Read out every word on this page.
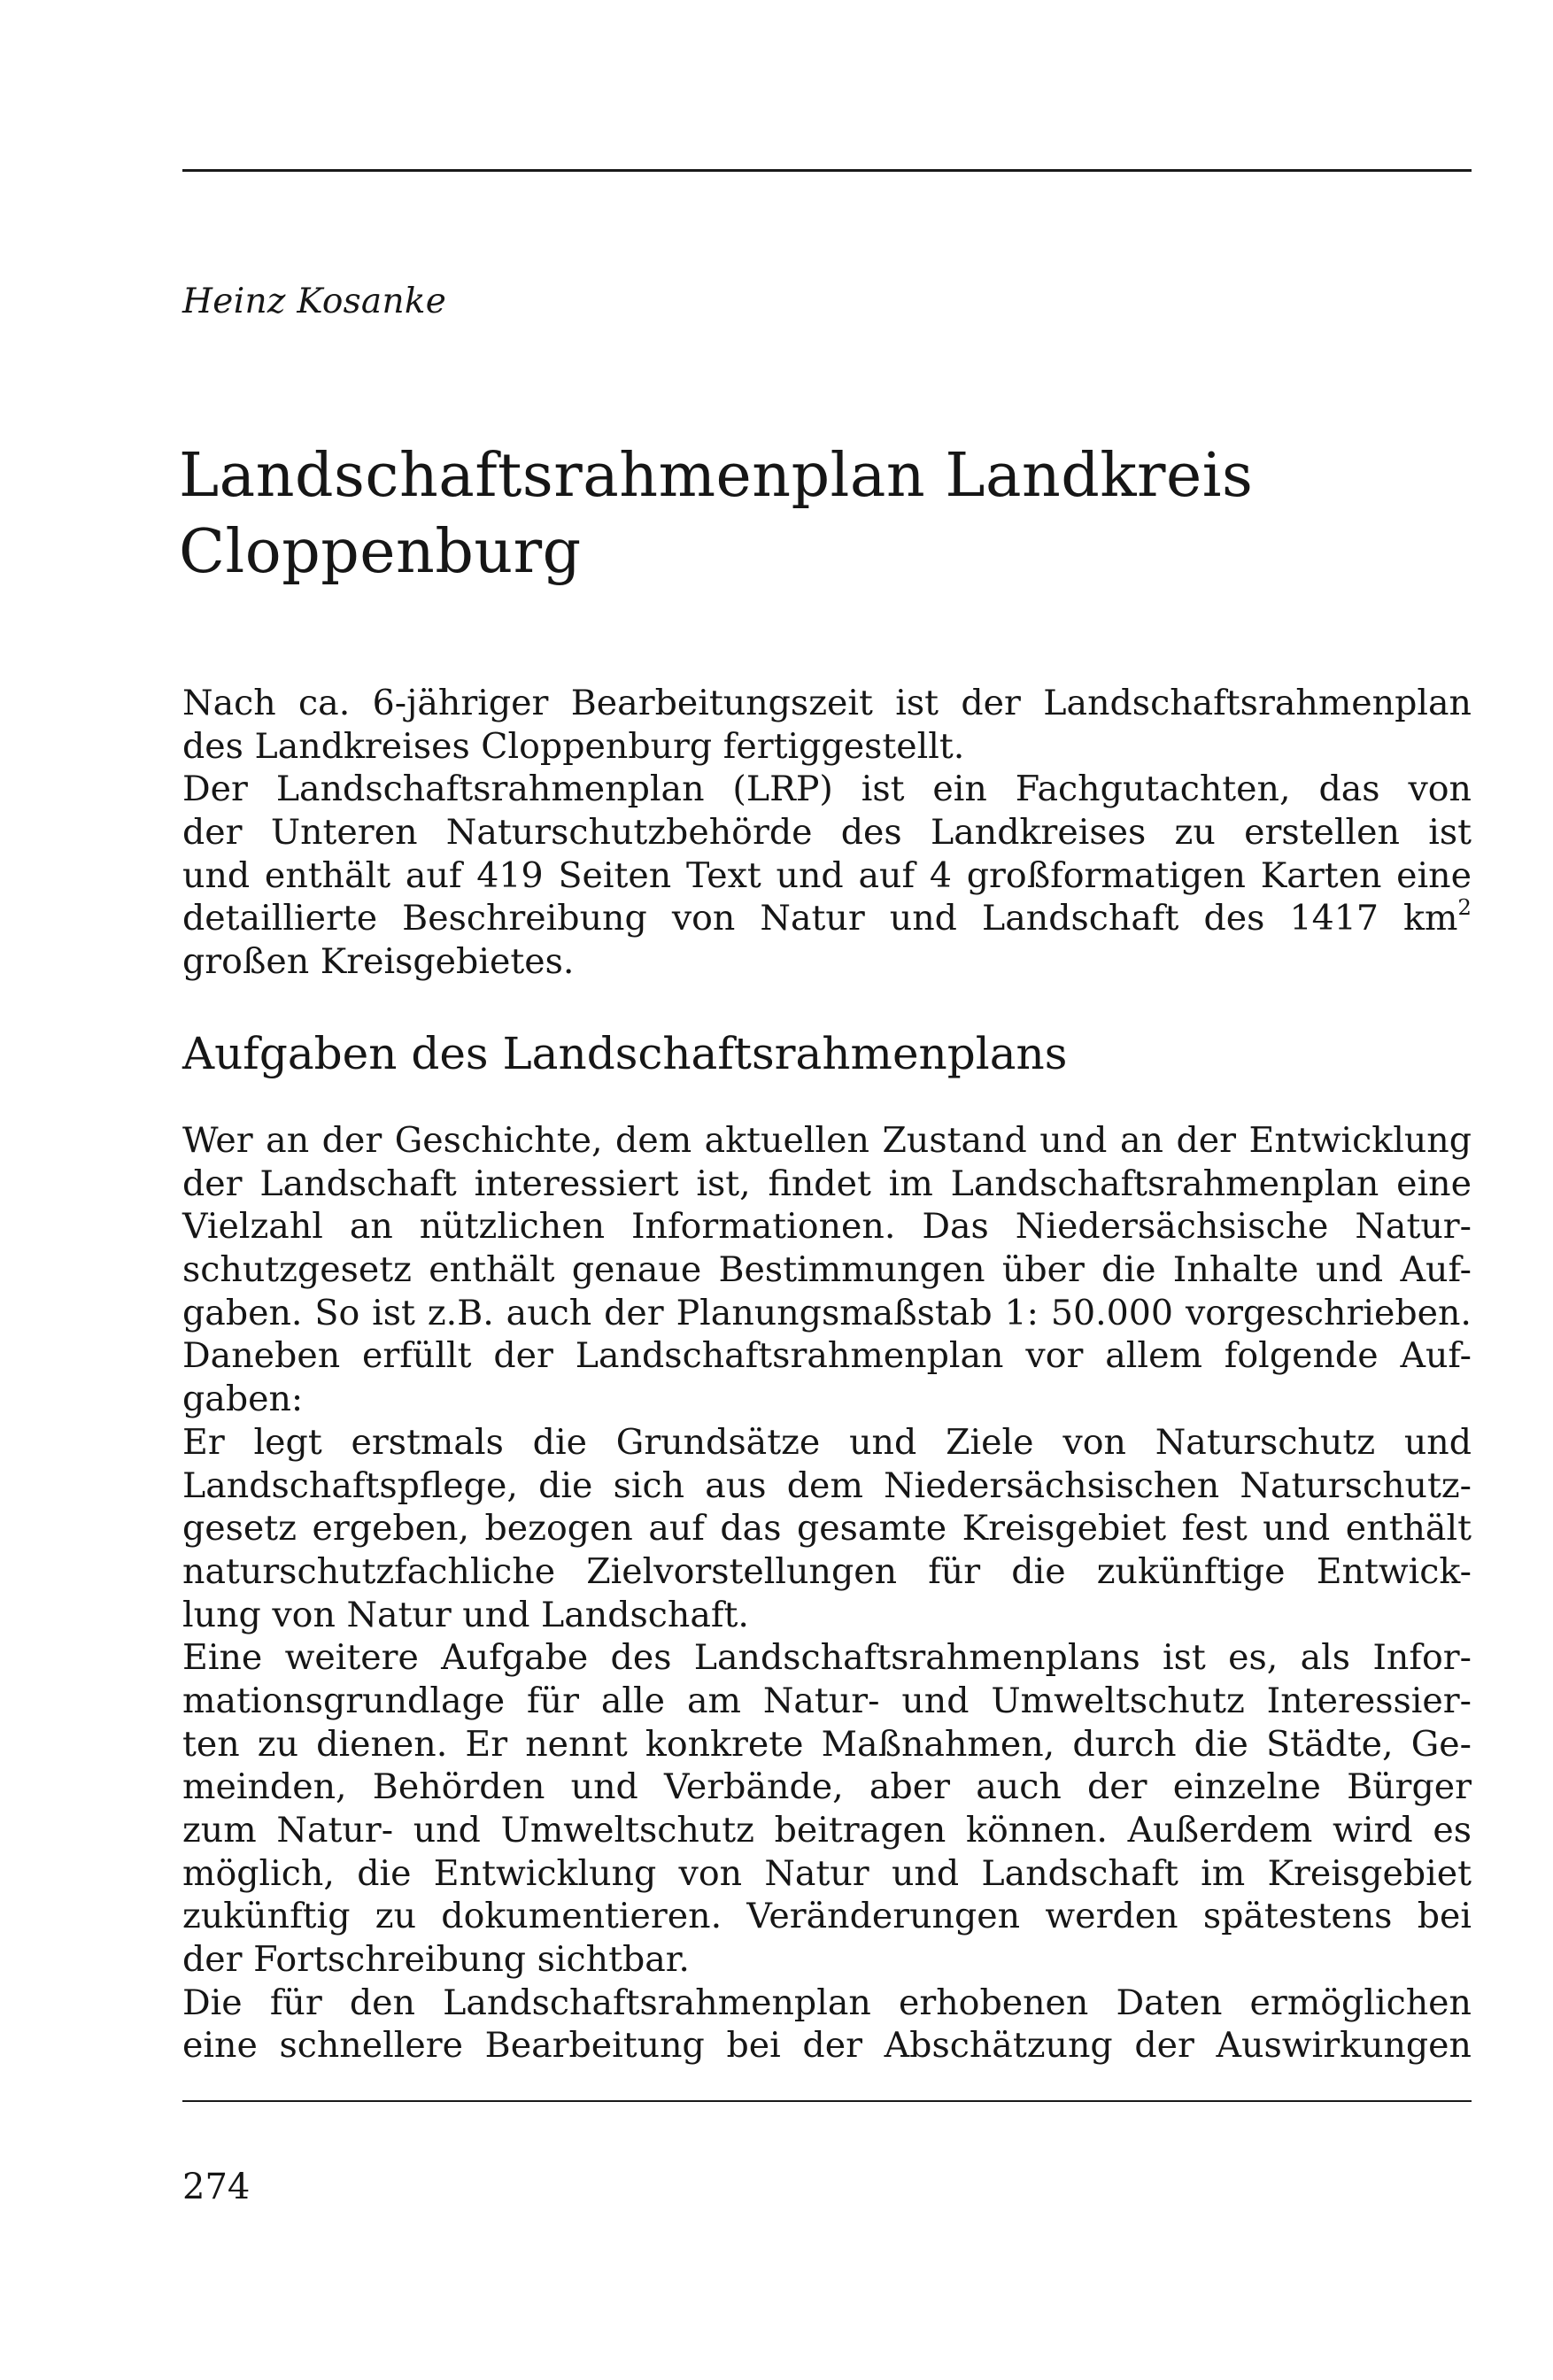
Heinz Kosanke
Landschaftsrahmenplan Landkreis
Cloppenburg
Nach ca. 6-jähriger Bearbeitungszeit ist der Landschaftsrahmenplan
des Landkreises Cloppenburg fertiggestellt.
Der Landschaftsrahmenplan (LRP) ist ein Fachgutachten, das von
der Unteren Naturschutzbehörde des Landkreises zu erstellen ist
und enthält auf 419 Seiten Text und auf 4 großformatigen Karten eine
detaillierte Beschreibung von Natur und Landschaft des 1417 $km^2$
großen Kreisgebietes.
Aufgaben des Landschaftsrahmenplans
Wer an der Geschichte, dem aktuellen Zustand und an der Entwicklung
der Landschaft interessiert ist, findet im Landschaftsrahmenplan eine
Vielzahl an nützlichen Informationen. Das Niedersächsische Natur-
schutzgesetz enthält genaue Bestimmungen über die Inhalte und Auf-
gaben. So ist z.B. auch der Planungsmaßstab 1: 50.000 vorgeschrieben.
Daneben erfüllt der Landschaftsrahmenplan vor allem folgende Auf-
gaben:
Er legt erstmals die Grundsätze und Ziele von Naturschutz und
Landschaftspflege, die sich aus dem Niedersächsischen Naturschutz-
gesetz ergeben, bezogen auf das gesamte Kreisgebiet fest und enthält
naturschutzfachliche Zielvorstellungen für die zukünftige Entwick-
lung von Natur und Landschaft.
Eine weitere Aufgabe des Landschaftsrahmenplans ist es, als Infor-
mationsgrundlage für alle am Natur- und Umweltschutz Interessier-
ten zu dienen. Er nennt konkrete Maßnahmen, durch die Städte, Ge-
meinden, Behörden und Verbände, aber auch der einzelne Bürger
zum Natur- und Umweltschutz beitragen können. Außerdem wird es
möglich, die Entwicklung von Natur und Landschaft im Kreisgebiet
zukünftig zu dokumentieren. Veränderungen werden spätestens bei
der Fortschreibung sichtbar.
Die für den Landschaftsrahmenplan erhobenen Daten ermöglichen
eine schnellere Bearbeitung bei der Abschätzung der Auswirkungen
274
